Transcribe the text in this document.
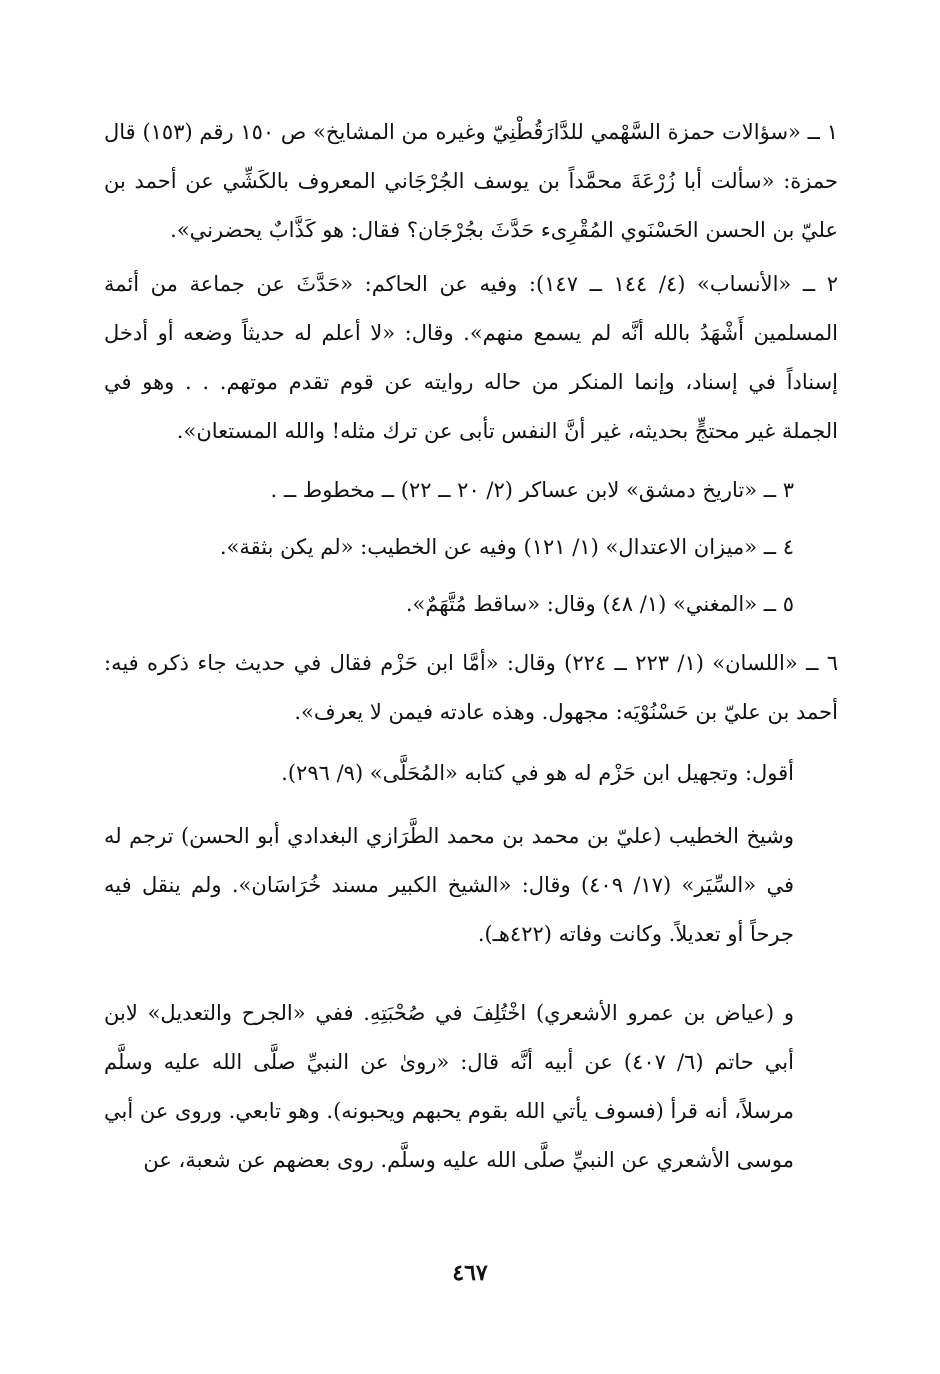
١ ــ «سؤالات حمزة السَّهْمي للدَّارَقُطْنِيّ وغيره من المشايخ» ص ١٥٠ رقم (١٥٣) قال حمزة: «سألت أبا زُرْعَةَ محمَّداً بن يوسف الجُرْجَاني المعروف بالكَشِّي عن أحمد بن عليّ بن الحسن الحَسْنَوي المُقْرِىء حَدَّثَ بجُرْجَان؟ فقال: هو كَذَّابٌ يحضرني».

٢ ــ «الأنساب» (٤/ ١٤٤ ــ ١٤٧): وفيه عن الحاكم: «حَدَّثَ عن جماعة من أئمة المسلمين أَشْهَدُ بالله أنَّه لم يسمع منهم». وقال: «لا أعلم له حديثاً وضعه أو أدخل إسناداً في إسناد، وإنما المنكر من حاله روايته عن قوم تقدم موتهم. . . وهو في الجملة غير محتجٍّ بحديثه، غير أنَّ النفس تأبى عن ترك مثله! والله المستعان».

٣ ــ «تاريخ دمشق» لابن عساكر (٢/ ٢٠ ــ ٢٢) ــ مخطوط ــ .

٤ ــ «ميزان الاعتدال» (١/ ١٢١) وفيه عن الخطيب: «لم يكن بثقة».

٥ ــ «المغني» (١/ ٤٨) وقال: «ساقط مُتَّهَمٌ».

٦ ــ «اللسان» (١/ ٢٢٣ ــ ٢٢٤) وقال: «أمَّا ابن حَزْم فقال في حديث جاء ذكره فيه: أحمد بن عليّ بن حَسْنُوْيَه: مجهول. وهذه عادته فيمن لا يعرف».

أقول: وتجهيل ابن حَزْم له هو في كتابه «المُحَلَّى» (٩/ ٢٩٦).

وشيخ الخطيب (عليّ بن محمد بن محمد الطَّرَازي البغدادي أبو الحسن) ترجم له في «السِّيَر» (١٧/ ٤٠٩) وقال: «الشيخ الكبير مسند خُرَاسَان». ولم ينقل فيه جرحاً أو تعديلاً. وكانت وفاته (٤٢٢هـ).

و (عياض بن عمرو الأشعري) اخْتُلِفَ في صُحْبَتِهِ. ففي «الجرح والتعديل» لابن أبي حاتم (٦/ ٤٠٧) عن أبيه أنَّه قال: «روىٰ عن النبيِّ صلَّى الله عليه وسلَّم مرسلاً، أنه قرأ (فسوف يأتي الله بقوم يحبهم ويحبونه). وهو تابعي. وروى عن أبي موسى الأشعري عن النبيِّ صلَّى الله عليه وسلَّم. روى بعضهم عن شعبة، عن

٤٦٧
